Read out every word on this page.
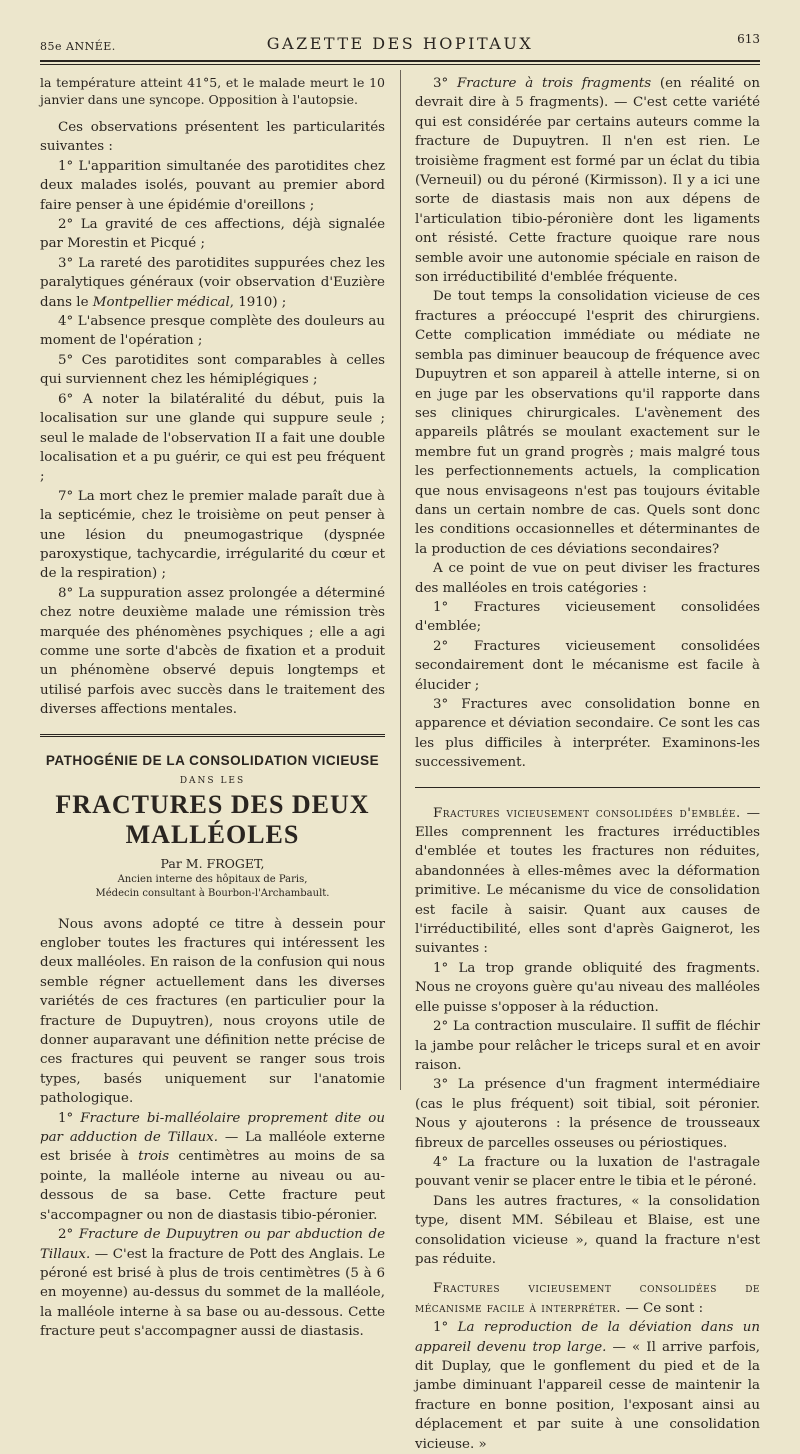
85e ANNÉE.	GAZETTE DES HOPITAUX	613

la température atteint 41°5, et le malade meurt le 10 janvier dans une syncope. Opposition à l'autopsie.

Ces observations présentent les particularités suivantes :

1° L'apparition simultanée des parotidites chez deux malades isolés, pouvant au premier abord faire penser à une épidémie d'oreillons ;

2° La gravité de ces affections, déjà signalée par Morestin et Picqué ;

3° La rareté des parotidites suppurées chez les paralytiques généraux (voir observation d'Euzière dans le Montpellier médical, 1910) ;

4° L'absence presque complète des douleurs au moment de l'opération ;

5° Ces parotidites sont comparables à celles qui surviennent chez les hémiplégiques ;

6° A noter la bilatéralité du début, puis la localisation sur une glande qui suppure seule ; seul le malade de l'observation II a fait une double localisation et a pu guérir, ce qui est peu fréquent ;

7° La mort chez le premier malade paraît due à la septicémie, chez le troisième on peut penser à une lésion du pneumogastrique (dyspnée paroxystique, tachycardie, irrégularité du cœur et de la respiration) ;

8° La suppuration assez prolongée a déterminé chez notre deuxième malade une rémission très marquée des phénomènes psychiques ; elle a agi comme une sorte d'abcès de fixation et a produit un phénomène observé depuis longtemps et utilisé parfois avec succès dans le traitement des diverses affections mentales.

PATHOGÉNIE DE LA CONSOLIDATION VICIEUSE
DANS LES
FRACTURES DES DEUX MALLÉOLES
Par M. FROGET,
Ancien interne des hôpitaux de Paris,
Médecin consultant à Bourbon-l'Archambault.

Nous avons adopté ce titre à dessein pour englober toutes les fractures qui intéressent les deux malléoles. En raison de la confusion qui nous semble régner actuellement dans les diverses variétés de ces fractures (en particulier pour la fracture de Dupuytren), nous croyons utile de donner auparavant une définition nette précise de ces fractures qui peuvent se ranger sous trois types, basés uniquement sur l'anatomie pathologique.

1° Fracture bi-malléolaire proprement dite ou par adduction de Tillaux. — La malléole externe est brisée à trois centimètres au moins de sa pointe, la malléole interne au niveau ou au-dessous de sa base. Cette fracture peut s'accompagner ou non de diastasis tibio-péronier.

2° Fracture de Dupuytren ou par abduction de Tillaux. — C'est la fracture de Pott des Anglais. Le péroné est brisé à plus de trois centimètres (5 à 6 en moyenne) au-dessus du sommet de la malléole, la malléole interne à sa base ou au-dessous. Cette fracture peut s'accompagner aussi de diastasis.

3° Fracture à trois fragments (en réalité on devrait dire à 5 fragments). — C'est cette variété qui est considérée par certains auteurs comme la fracture de Dupuytren. Il n'en est rien. Le troisième fragment est formé par un éclat du tibia (Verneuil) ou du péroné (Kirmisson). Il y a ici une sorte de diastasis mais non aux dépens de l'articulation tibio-péronière dont les ligaments ont résisté. Cette fracture quoique rare nous semble avoir une autonomie spéciale en raison de son irréductibilité d'emblée fréquente.

De tout temps la consolidation vicieuse de ces fractures a préoccupé l'esprit des chirurgiens. Cette complication immédiate ou médiate ne sembla pas diminuer beaucoup de fréquence avec Dupuytren et son appareil à attelle interne, si on en juge par les observations qu'il rapporte dans ses cliniques chirurgicales. L'avènement des appareils plâtrés se moulant exactement sur le membre fut un grand progrès ; mais malgré tous les perfectionnements actuels, la complication que nous envisageons n'est pas toujours évitable dans un certain nombre de cas. Quels sont donc les conditions occasionnelles et déterminantes de la production de ces déviations secondaires?

A ce point de vue on peut diviser les fractures des malléoles en trois catégories :

1° Fractures vicieusement consolidées d'emblée;

2° Fractures vicieusement consolidées secondairement dont le mécanisme est facile à élucider ;

3° Fractures avec consolidation bonne en apparence et déviation secondaire. Ce sont les cas les plus difficiles à interpréter. Examinons-les successivement.

Fractures vicieusement consolidées d'emblée. — Elles comprennent les fractures irréductibles d'emblée et toutes les fractures non réduites, abandonnées à elles-mêmes avec la déformation primitive. Le mécanisme du vice de consolidation est facile à saisir. Quant aux causes de l'irréductibilité, elles sont d'après Gaignerot, les suivantes :

1° La trop grande obliquité des fragments. Nous ne croyons guère qu'au niveau des malléoles elle puisse s'opposer à la réduction.

2° La contraction musculaire. Il suffit de fléchir la jambe pour relâcher le triceps sural et en avoir raison.

3° La présence d'un fragment intermédiaire (cas le plus fréquent) soit tibial, soit péronier. Nous y ajouterons : la présence de trousseaux fibreux de parcelles osseuses ou périostiques.

4° La fracture ou la luxation de l'astragale pouvant venir se placer entre le tibia et le péroné.

Dans les autres fractures, « la consolidation type, disent MM. Sébileau et Blaise, est une consolidation vicieuse », quand la fracture n'est pas réduite.

Fractures vicieusement consolidées de mécanisme facile à interpréter. — Ce sont :

1° La reproduction de la déviation dans un appareil devenu trop large. — « Il arrive parfois, dit Duplay, que le gonflement du pied et de la jambe diminuant l'appareil cesse de maintenir la fracture en bonne position, l'exposant ainsi au déplacement et par suite à une consolidation vicieuse. »
